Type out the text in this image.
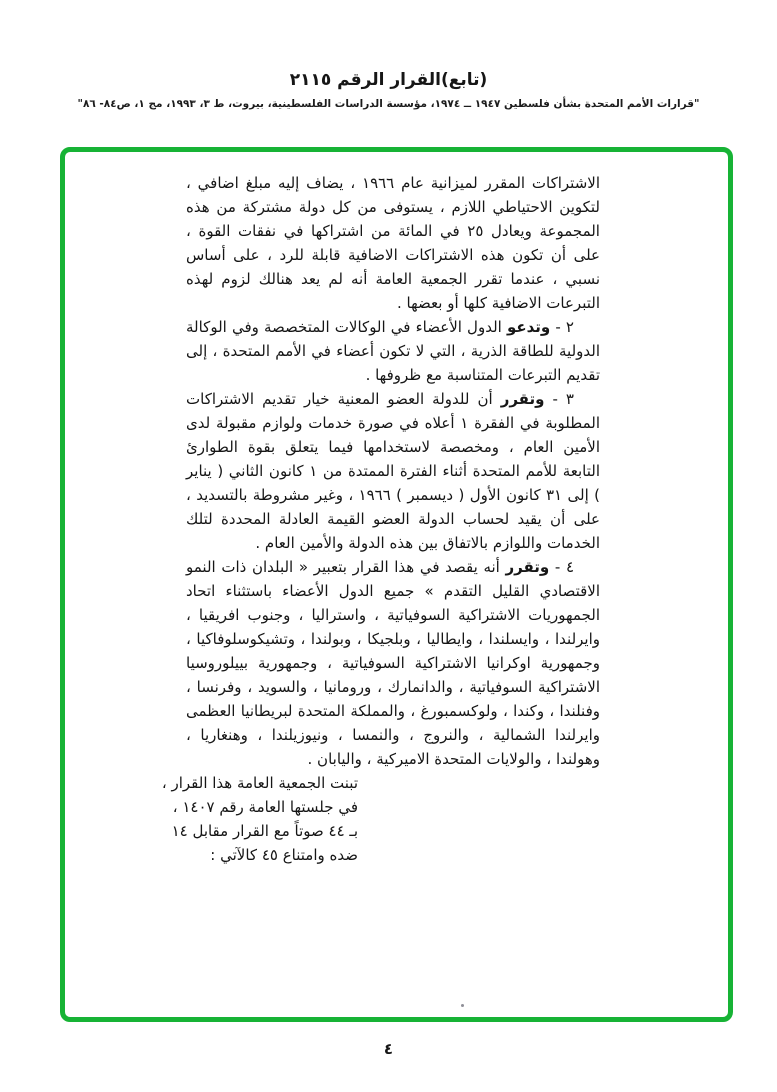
(تابع)القرار الرقم ٢١١٥
"قرارات الأمم المتحدة بشأن فلسطين ١٩٤٧ ــ ١٩٧٤، مؤسسة الدراسات الفلسطينية، بيروت، ط ٣، ١٩٩٣، مج ١، ص٨٤- ٨٦"

الاشتراكات المقرر لميزانية عام ١٩٦٦ ، يضاف إليه مبلغ اضافي ، لتكوين الاحتياطي اللازم ، يستوفى من كل دولة مشتركة من هذه المجموعة ويعادل ٢٥ في المائة من اشتراكها في نفقات القوة ، على أن تكون هذه الاشتراكات الاضافية قابلة للرد ، على أساس نسبي ، عندما تقرر الجمعية العامة أنه لم يعد هنالك لزوم لهذه التبرعات الاضافية كلها أو بعضها .

٢ - وتدعو الدول الأعضاء في الوكالات المتخصصة وفي الوكالة الدولية للطاقة الذرية ، التي لا تكون أعضاء في الأمم المتحدة ، إلى تقديم التبرعات المتناسبة مع ظروفها .

٣ - وتقرر أن للدولة العضو المعنية خيار تقديم الاشتراكات المطلوبة في الفقرة ١ أعلاه في صورة خدمات ولوازم مقبولة لدى الأمين العام ، ومخصصة لاستخدامها فيما يتعلق بقوة الطوارئ التابعة للأمم المتحدة أثناء الفترة الممتدة من ١ كانون الثاني ( يناير ) إلى ٣١ كانون الأول ( ديسمبر ) ١٩٦٦ ، وغير مشروطة بالتسديد ، على أن يقيد لحساب الدولة العضو القيمة العادلة المحددة لتلك الخدمات واللوازم بالاتفاق بين هذه الدولة والأمين العام .

٤ - وتقرر أنه يقصد في هذا القرار بتعبير « البلدان ذات النمو الاقتصادي القليل التقدم » جميع الدول الأعضاء باستثناء اتحاد الجمهوريات الاشتراكية السوفياتية ، واستراليا ، وجنوب افريقيا ، وايرلندا ، وايسلندا ، وايطاليا ، وبلجيكا ، وبولندا ، وتشيكوسلوفاكيا ، وجمهورية اوكرانيا الاشتراكية السوفياتية ، وجمهورية بييلوروسيا الاشتراكية السوفياتية ، والدانمارك ، ورومانيا ، والسويد ، وفرنسا ، وفنلندا ، وكندا ، ولوكسمبورغ ، والمملكة المتحدة لبريطانيا العظمى وايرلندا الشمالية ، والنروج ، والنمسا ، ونيوزيلندا ، وهنغاريا ، وهولندا ، والولايات المتحدة الاميركية ، واليابان .

تبنت الجمعية العامة هذا القرار ،
في جلستها العامة رقم ١٤٠٧ ،
بـ ٤٤ صوتاً مع القرار مقابل ١٤
ضده وامتناع ٤٥ كالآتي :
٤
